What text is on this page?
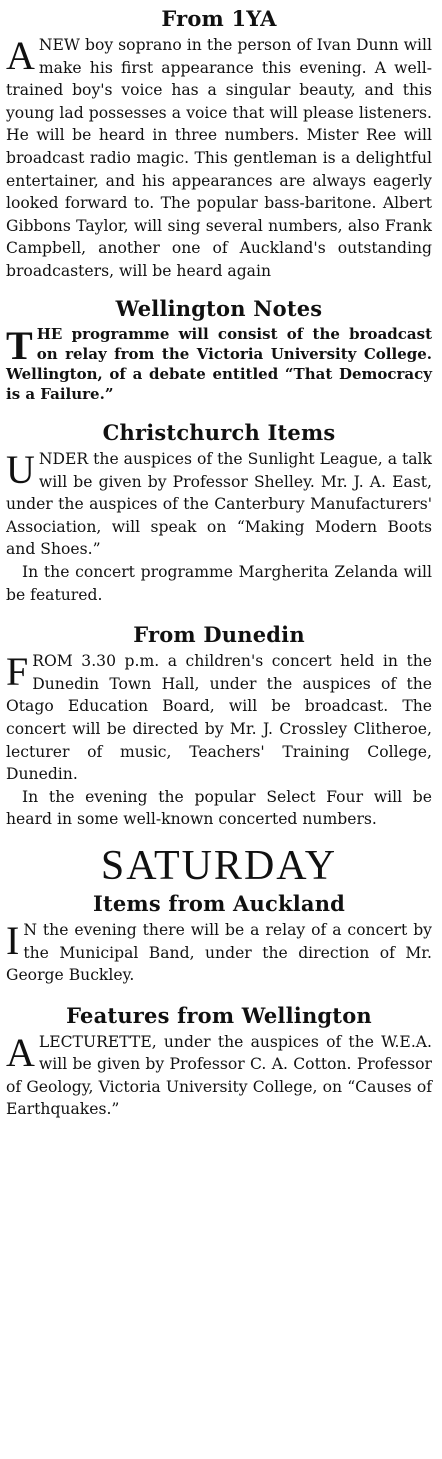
From 1YA

ANEW boy soprano in the person of Ivan Dunn will make his first appearance this evening. A well-trained boy's voice has a singular beauty, and this young lad possesses a voice that will please listeners. He will be heard in three numbers. Mister Ree will broadcast radio magic. This gentleman is a delightful entertainer, and his appearances are always eagerly looked forward to. The popular bass-baritone. Albert Gibbons Taylor, will sing several numbers, also Frank Campbell, another one of Auckland's outstanding broadcasters, will be heard again

Wellington Notes

THE programme will consist of the broadcast on relay from the Victoria University College. Wellington, of a debate entitled “That Democracy is a Failure.”

Christchurch Items

UNDER the auspices of the Sunlight League, a talk will be given by Professor Shelley. Mr. J. A. East, under the auspices of the Canterbury Manufacturers' Association, will speak on “Making Modern Boots and Shoes.”

In the concert programme Margherita Zelanda will be featured.

From Dunedin

FROM 3.30 p.m. a children's concert held in the Dunedin Town Hall, under the auspices of the Otago Education Board, will be broadcast. The concert will be directed by Mr. J. Crossley Clitheroe, lecturer of music, Teachers' Training College, Dunedin.

In the evening the popular Select Four will be heard in some well-known concerted numbers.

SATURDAY
Items from Auckland

I N the evening there will be a relay of a concert by the Municipal Band, under the direction of Mr. George Buckley.

Features from Wellington

ALECTURETTE, under the auspices of the W.E.A. will be given by Professor C. A. Cotton. Professor of Geology, Victoria University College, on “Causes of Earthquakes.”
